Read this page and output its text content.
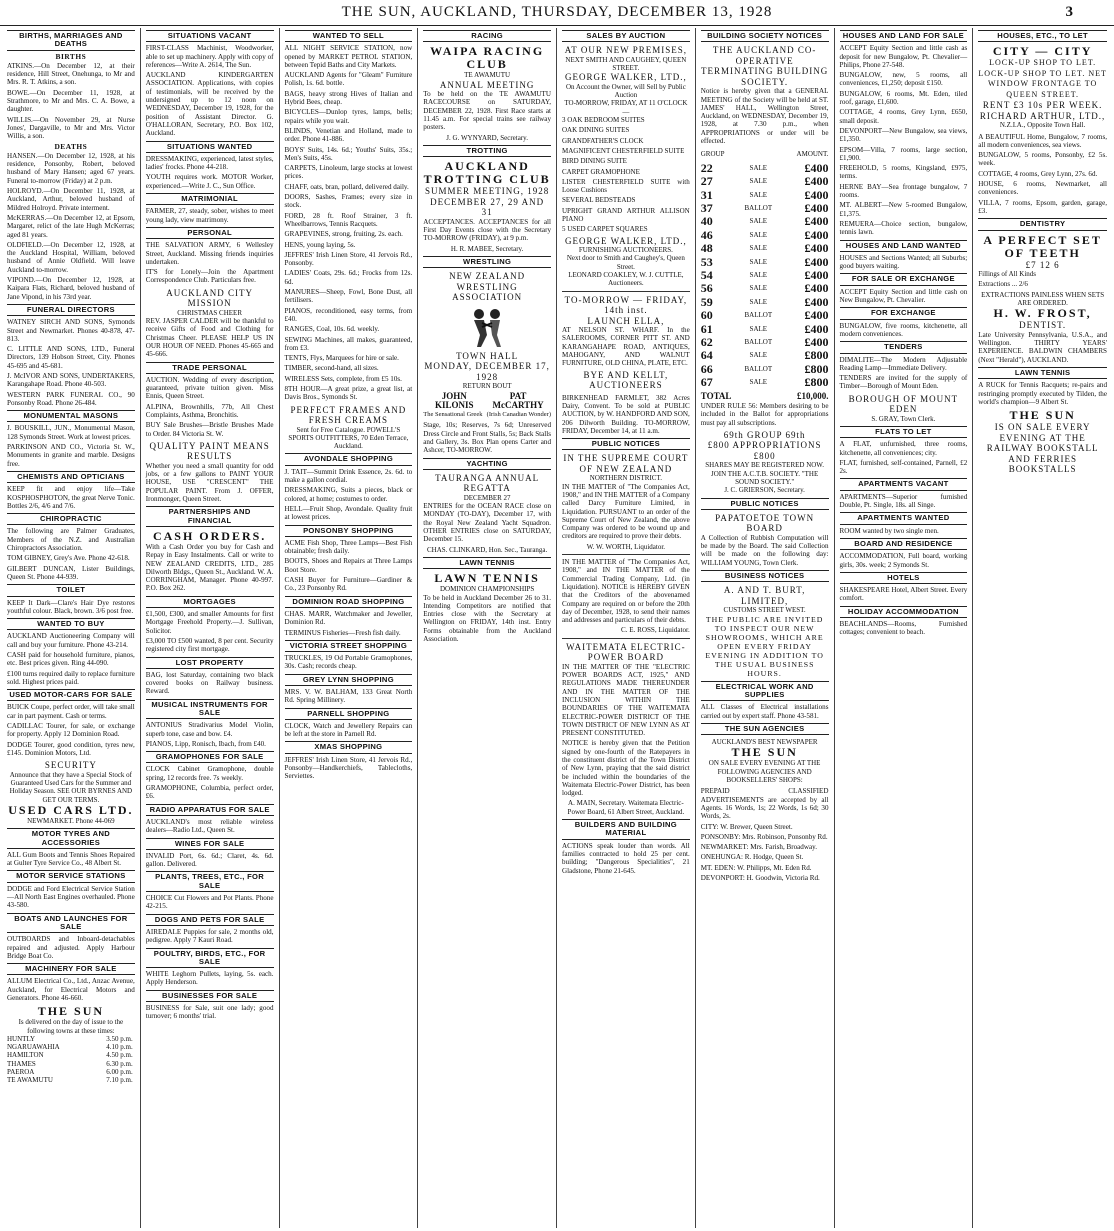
THE SUN, AUCKLAND, THURSDAY, DECEMBER 13, 1928	3
BIRTHS, MARRIAGES AND DEATHS
BIRTHS
ATKINS.—On December 12, at their residence, Hill Street, Onehunga, to Mr and Mrs. R. T. Atkins, a son.
BOWE.—On December 11, 1928, at Strathmore, to Mr and Mrs. C. A. Bowe, a daughter.
WILLIS.—On November 29, at Nurse Jones', Dargaville, to Mr and Mrs. Victor Willis, a son.
DEATHS
HANSEN.—On December 12, 1928, at his residence, Ponsonby, Robert, beloved husband of Mary Hansen; aged 67 years. Funeral to-morrow (Friday) at 2 p.m.
HOLROYD.—On December 11, 1928, at Auckland, Arthur, beloved husband of Mildred Holroyd. Private interment.
McKERRAS.—On December 12, at Epsom, Margaret, relict of the late Hugh McKerras; aged 81 years.
OLDFIELD.—On December 12, 1928, at the Auckland Hospital, William, beloved husband of Annie Oldfield. Will leave Auckland to-morrow.
VIPOND.—On December 12, 1928, at Kaipara Flats, Richard, beloved husband of Jane Vipond, in his 73rd year.
FUNERAL DIRECTORS
WATNEY SIRCH AND SONS, Symonds Street and Newmarket. Phones 40-878, 47-813.
C. LITTLE AND SONS, LTD., Funeral Directors, 139 Hobson Street, City. Phones 45-695 and 45-681.
J. McIVOR AND SONS, UNDERTAKERS, Karangahape Road. Phone 40-503.
WESTERN PARK FUNERAL CO., 90 Ponsonby Road. Phone 26-484.
MONUMENTAL MASONS
J. BOUSKILL, JUN., Monumental Mason, 128 Symonds Street. Work at lowest prices.
PARKINSON AND CO., Victoria St. W., Monuments in granite and marble. Designs free.
CHEMISTS AND OPTICIANS
KEEP fit and enjoy life—Take KOSPHOSPHOTON, the great Nerve Tonic. Bottles 2/6, 4/6 and 7/6.
CHIROPRACTIC
The following are Palmer Graduates, Members of the N.Z. and Australian Chiropractors Association.
TOM GIBNEY, Grey's Ave. Phone 42-618.
GILBERT DUNCAN, Lister Buildings, Queen St. Phone 44-939.
TOILET
KEEP It Dark—Clare's Hair Dye restores youthful colour. Black, brown. 3/6 post free.
WANTED TO BUY
AUCKLAND Auctioneering Company will call and buy your furniture. Phone 43-214.
CASH paid for household furniture, pianos, etc. Best prices given. Ring 44-090.
£100 turns required daily to replace furniture sold. Highest prices paid.
USED MOTOR-CARS FOR SALE
BUICK Coupe, perfect order, will take small car in part payment. Cash or terms.
CADILLAC Tourer, for sale, or exchange for property. Apply 12 Dominion Road.
DODGE Tourer, good condition, tyres new, £145. Dominion Motors, Ltd.
SECURITY
Announce that they have a Special Stock of Guaranteed Used Cars for the Summer and Holiday Season. SEE OUR BYRNES AND GET OUR TERMS.
USED CARS LTD.
NEWMARKET. Phone 44-069
MOTOR TYRES AND ACCESSORIES
ALL Gum Boots and Tennis Shoes Repaired at Gulter Tyre Service Co., 48 Albert St.
MOTOR SERVICE STATIONS
DODGE and Ford Electrical Service Station—All North East Engines overhauled. Phone 43-580.
BOATS AND LAUNCHES FOR SALE
OUTBOARDS and Inboard-detachables repaired and adjusted. Apply Harbour Bridge Boat Co.
MACHINERY FOR SALE
ALLUM Electrical Co., Ltd., Anzac Avenue, Auckland, for Electrical Motors and Generators. Phone 46-660.
THE SUN
Is delivered on the day of issue to the following towns at these times:
HUNTLY	3.50 p.m.
NGARUAWAHIA	4.10 p.m.
HAMILTON	4.50 p.m.
THAMES	6.30 p.m.
PAEROA	6.00 p.m.
TE AWAMUTU	7.10 p.m.
SITUATIONS VACANT
FIRST-CLASS Machinist, Woodworker, able to set up machinery. Apply with copy of references—Write A. 2614, The Sun.
AUCKLAND KINDERGARTEN ASSOCIATION. Applications, with copies of testimonials, will be received by the undersigned up to 12 noon on WEDNESDAY, December 19, 1928, for the position of Assistant Director. G. O'HALLORAN, Secretary, P.O. Box 102, Auckland.
SITUATIONS WANTED
DRESSMAKING, experienced, latest styles, ladies' frocks. Phone 44-218.
YOUTH requires work. MOTOR Worker, experienced.—Write J. C., Sun Office.
MATRIMONIAL
FARMER, 27, steady, sober, wishes to meet young lady, view matrimony.
PERSONAL
THE SALVATION ARMY, 6 Wellesley Street, Auckland. Missing friends inquiries undertaken.
IT'S for Lonely—Join the Apartment Correspondence Club. Particulars free.
AUCKLAND CITY MISSION
CHRISTMAS CHEER
REV. JASPER CALDER will be thankful to receive Gifts of Food and Clothing for Christmas Cheer. PLEASE HELP US IN OUR HOUR OF NEED. Phones 45-665 and 45-666.
TRADE PERSONAL
AUCTION. Wedding of every description, guaranteed, private tuition given. Miss Ennis, Queen Street.
ALPINA, Brownhills, 77b, All Chest Complaints, Asthma, Bronchitis.
BUY Sale Brushes—Bristle Brushes Made to Order. 84 Victoria St. W.
QUALITY PAINT MEANS RESULTS
Whether you need a small quantity for odd jobs, or a few gallons to PAINT YOUR HOUSE, USE "CRESCENT" THE POPULAR PAINT. From J. OFFER, Ironmonger, Queen Street.
PARTNERSHIPS AND FINANCIAL
CASH ORDERS.
With a Cash Order you buy for Cash and Repay in Easy Instalments. Call or write to NEW ZEALAND CREDITS, LTD., 285 Dilworth Bldgs., Queen St., Auckland. W. A. CORRINGHAM, Manager. Phone 40-997. P.O. Box 262.
MORTGAGES
£1,500, £300, and smaller Amounts for first Mortgage Freehold Property.—J. Sullivan, Solicitor.
£3,000 TO £500 wanted, 8 per cent. Security registered city first mortgage.
LOST PROPERTY
BAG, lost Saturday, containing two black covered books on Railway business. Reward.
MUSICAL INSTRUMENTS FOR SALE
ANTONIUS Stradivarius Model Violin, superb tone, case and bow. £4.
PIANOS, Lipp, Ronisch, Ibach, from £40.
GRAMOPHONES FOR SALE
CLOCK Cabinet Gramophone, double spring, 12 records free. 7s weekly.
GRAMOPHONE, Columbia, perfect order, £6.
RADIO APPARATUS FOR SALE
AUCKLAND's most reliable wireless dealers—Radio Ltd., Queen St.
WINES FOR SALE
INVALID Port, 6s. 6d.; Claret, 4s. 6d. gallon. Delivered.
PLANTS, TREES, ETC., FOR SALE
CHOICE Cut Flowers and Pot Plants. Phone 42-215.
DOGS AND PETS FOR SALE
AIREDALE Puppies for sale, 2 months old, pedigree. Apply 7 Kauri Road.
POULTRY, BIRDS, ETC., FOR SALE
WHITE Leghorn Pullets, laying, 5s. each. Apply Henderson.
BUSINESSES FOR SALE
BUSINESS for Sale, suit one lady; good turnover; 6 months' trial.
WANTED TO SELL
ALL NIGHT SERVICE STATION, now opened by MARKET PETROL STATION, between Tepid Baths and City Markets.
AUCKLAND Agents for "Gleam" Furniture Polish, 1s. 6d. bottle.
BAGS, heavy strong Hives of Italian and Hybrid Bees, cheap.
BICYCLES—Dunlop tyres, lamps, bells; repairs while you wait.
BLINDS, Venetian and Holland, made to order. Phone 41-886.
BOYS' Suits, 14s. 6d.; Youths' Suits, 35s.; Men's Suits, 45s.
CARPETS, Linoleum, large stocks at lowest prices.
CHAFF, oats, bran, pollard, delivered daily.
DOORS, Sashes, Frames; every size in stock.
FORD, 28 ft. Roof Strainer, 3 ft. Wheelbarrows, Tennis Racquets.
GRAPEVINES, strong, fruiting, 2s. each.
HENS, young laying, 5s.
JEFFRES' Irish Linen Store, 41 Jervois Rd., Ponsonby.
LADIES' Coats, 29s. 6d.; Frocks from 12s. 6d.
MANURES—Sheep, Fowl, Bone Dust, all fertilisers.
PIANOS, reconditioned, easy terms, from £40.
RANGES, Coal, 10s. 6d. weekly.
SEWING Machines, all makes, guaranteed, from £3.
TENTS, Flys, Marquees for hire or sale.
TIMBER, second-hand, all sizes.
WIRELESS Sets, complete, from £5 10s.
8TH HOUR—A great prize, a great list, at Davis Bros., Symonds St.
PERFECT FRAMES AND FRESH CREAMS
Sent for Free Catalogue. POWELL'S SPORTS OUTFITTERS, 70 Eden Terrace, Auckland.
AVONDALE SHOPPING
J. TAIT—Summit Drink Essence, 2s. 6d. to make a gallon cordial.
DRESSMAKING, Suits a pieces, black or colored, at home; costumes to order.
HELL—Fruit Shop, Avondale. Quality fruit at lowest prices.
PONSONBY SHOPPING
ACME Fish Shop, Three Lamps—Best Fish obtainable; fresh daily.
BOOTS, Shoes and Repairs at Three Lamps Boot Store.
CASH Buyer for Furniture—Gardiner & Co., 23 Ponsonby Rd.
DOMINION ROAD SHOPPING
CHAS. MARR, Watchmaker and Jeweller, Dominion Rd.
TERMINUS Fisheries—Fresh fish daily.
VICTORIA STREET SHOPPING
TRUCKLES, 19 Od Portable Gramophones, 30s. Cash; records cheap.
GREY LYNN SHOPPING
MRS. V. W. BALHAM, 133 Great North Rd. Spring Millinery.
PARNELL SHOPPING
CLOCK, Watch and Jewellery Repairs can be left at the store in Parnell Rd.
XMAS SHOPPING
JEFFRES' Irish Linen Store, 41 Jervois Rd., Ponsonby—Handkerchiefs, Tablecloths, Serviettes.
RACING
WAIPA RACING CLUB
TE AWAMUTU
ANNUAL MEETING
To be held on the TE AWAMUTU RACECOURSE on SATURDAY, DECEMBER 22, 1928. First Race starts at 11.45 a.m. For special trains see railway posters.
J. G. WYNYARD, Secretary.
TROTTING
AUCKLAND TROTTING CLUB
SUMMER MEETING, 1928
DECEMBER 27, 29 AND 31
ACCEPTANCES. ACCEPTANCES for all First Day Events close with the Secretary TO-MORROW (FRIDAY), at 9 p.m.
H. R. MABEE, Secretary.
WRESTLING
NEW ZEALAND WRESTLING ASSOCIATION
TOWN HALL
MONDAY, DECEMBER 17, 1928
RETURN BOUT
JOHN KILONIS
PAT McCARTHY
The Sensational Greek (Irish Canadian Wonder)
Stage, 10s; Reserves, 7s 6d; Unreserved Dress Circle and Front Stalls, 5s; Back Stalls and Gallery, 3s. Box Plan opens Carter and Ashcer, TO-MORROW.
YACHTING
TAURANGA ANNUAL REGATTA
DECEMBER 27
ENTRIES for the OCEAN RACE close on MONDAY (TO-DAY), December 17, with the Royal New Zealand Yacht Squadron. OTHER ENTRIES close on SATURDAY, December 15.
CHAS. CLINKARD, Hon. Sec., Tauranga.
LAWN TENNIS
LAWN TENNIS
DOMINION CHAMPIONSHIPS
To be held in Auckland December 26 to 31. Intending Competitors are notified that Entries close with the Secretary at Wellington on FRIDAY, 14th inst. Entry Forms obtainable from the Auckland Association.
SALES BY AUCTION
AT OUR NEW PREMISES,
NEXT SMITH AND CAUGHEY, QUEEN STREET.
GEORGE WALKER, LTD.,
On Account the Owner, will Sell by Public Auction
TO-MORROW, FRIDAY, AT 11 O'CLOCK—
3 OAK BEDROOM SUITES
OAK DINING SUITES
GRANDFATHER'S CLOCK
MAGNIFICENT CHESTERFIELD SUITE
BIRD DINING SUITE
CARPET GRAMOPHONE
LISTER CHESTERFIELD SUITE with Loose Cushions
SEVERAL BEDSTEADS
UPRIGHT GRAND ARTHUR ALLISON PIANO
5 USED CARPET SQUARES
GEORGE WALKER, LTD.,
FURNISHING AUCTIONEERS.
Next door to Smith and Caughey's, Queen Street.
LEONARD COAKLEY, W. J. CUTTLE, Auctioneers.
TO-MORROW — FRIDAY, 14th inst.
LAUNCH ELLA,
AT NELSON ST. WHARF. In the SALEROOMS, CORNER PITT ST. AND KARANGAHAPE ROAD, ANTIQUES, MAHOGANY, AND WALNUT FURNITURE, OLD CHINA, PLATE, ETC.
BYE AND KELLT, AUCTIONEERS
BIRKENHEAD FARMLET, 382 Acres Dairy, Convent. To be sold at PUBLIC AUCTION, by W. HANDFORD AND SON, 206 Dilworth Building. TO-MORROW, FRIDAY, December 14, at 11 a.m.
PUBLIC NOTICES
IN THE SUPREME COURT OF NEW ZEALAND
NORTHERN DISTRICT.
IN THE MATTER of "The Companies Act, 1908," and IN THE MATTER of a Company called Darcy Furniture Limited, in Liquidation. PURSUANT to an order of the Supreme Court of New Zealand, the above Company was ordered to be wound up and creditors are required to prove their debts.
W. W. WORTH, Liquidator.
IN THE MATTER of "The Companies Act, 1908," and IN THE MATTER of the Commercial Trading Company, Ltd. (in Liquidation). NOTICE is HEREBY GIVEN that the Creditors of the abovenamed Company are required on or before the 20th day of December, 1928, to send their names and addresses and particulars of their debts.
C. E. ROSS, Liquidator.
WAITEMATA ELECTRIC-POWER BOARD
IN THE MATTER OF THE "ELECTRIC POWER BOARDS ACT, 1925," AND REGULATIONS MADE THEREUNDER AND IN THE MATTER OF THE INCLUSION WITHIN THE BOUNDARIES OF THE WAITEMATA ELECTRIC-POWER DISTRICT OF THE TOWN DISTRICT OF NEW LYNN AS AT PRESENT CONSTITUTED.
NOTICE is hereby given that the Petition signed by one-fourth of the Ratepayers in the constituent district of the Town District of New Lynn, praying that the said district be included within the boundaries of the Waitemata Electric-Power District, has been lodged.
A. MAIN, Secretary. Waitemata Electric-Power Board, 61 Albert Street, Auckland.
BUILDERS AND BUILDING MATERIAL
ACTIONS speak louder than words. All families contracted to hold 25 per cent. building; "Dangerous Specialities", 21 Gladstone, Phone 21-645.
BUILDING SOCIETY NOTICES
THE AUCKLAND CO-OPERATIVE TERMINATING BUILDING SOCIETY.
Notice is hereby given that a GENERAL MEETING of the Society will be held at ST. JAMES' HALL, Wellington Street, Auckland, on WEDNESDAY, December 19, 1928, at 7.30 p.m., when APPROPRIATIONS or under will be effected.
GROUP		AMOUNT.
22	SALE	£400
27	SALE	£400
31	SALE	£400
37	BALLOT	£400
40	SALE	£400
46	SALE	£400
48	SALE	£400
53	SALE	£400
54	SALE	£400
56	SALE	£400
59	SALE	£400
60	BALLOT	£400
61	SALE	£400
62	BALLOT	£400
64	SALE	£800
66	BALLOT	£800
67	SALE	£800
TOTAL	£10,000.
UNDER RULE 56: Members desiring to be included in the Ballot for appropriations must pay all subscriptions.
69th GROUP 69th
£800 APPROPRIATIONS £800
SHARES MAY BE REGISTERED NOW. JOIN THE A.C.T.B. SOCIETY. "THE SOUND SOCIETY."
J. C. GRIERSON, Secretary.
PUBLIC NOTICES
PAPATOETOE TOWN BOARD
A Collection of Rubbish Computation will be made by the Board. The said Collection will be made on the following day: WILLIAM YOUNG, Town Clerk.
BUSINESS NOTICES
A. AND T. BURT, LIMITED,
CUSTOMS STREET WEST.
THE PUBLIC ARE INVITED TO INSPECT OUR NEW SHOWROOMS, WHICH ARE OPEN EVERY FRIDAY EVENING IN ADDITION TO THE USUAL BUSINESS HOURS.
ELECTRICAL WORK AND SUPPLIES
ALL Classes of Electrical installations carried out by expert staff. Phone 43-581.
THE SUN AGENCIES
AUCKLAND'S BEST NEWSPAPER
THE SUN
ON SALE EVERY EVENING AT THE FOLLOWING AGENCIES AND BOOKSELLERS' SHOPS:
PREPAID CLASSIFIED ADVERTISEMENTS are accepted by all Agents. 16 Words, 1s; 22 Words, 1s 6d; 30 Words, 2s.
CITY: W. Brewer, Queen Street.
PONSONBY: Mrs. Robinson, Ponsonby Rd.
NEWMARKET: Mrs. Farish, Broadway.
ONEHUNGA: R. Hodge, Queen St.
MT. EDEN: W. Philipps, Mt. Eden Rd.
DEVONPORT: H. Goodwin, Victoria Rd.
HOUSES AND LAND FOR SALE
ACCEPT Equity Section and little cash as deposit for new Bungalow, Pt. Chevalier—Philips, Phone 27-548.
BUNGALOW, new, 5 rooms, all conveniences, £1,250; deposit £150.
BUNGALOW, 6 rooms, Mt. Eden, tiled roof, garage, £1,600.
COTTAGE, 4 rooms, Grey Lynn, £650, small deposit.
DEVONPORT—New Bungalow, sea views, £1,350.
EPSOM—Villa, 7 rooms, large section, £1,900.
FREEHOLD, 5 rooms, Kingsland, £975, terms.
HERNE BAY—Sea frontage bungalow, 7 rooms.
MT. ALBERT—New 5-roomed Bungalow, £1,375.
REMUERA—Choice section, bungalow, tennis lawn.
HOUSES AND LAND WANTED
HOUSES and Sections Wanted; all Suburbs; good buyers waiting.
FOR SALE OR EXCHANGE
ACCEPT Equity Section and little cash on New Bungalow, Pt. Chevalier.
FOR EXCHANGE
BUNGALOW, five rooms, kitchenette, all modern conveniences.
TENDERS
DIMALITE—The Modern Adjustable Reading Lamp—Immediate Delivery.
TENDERS are invited for the supply of Timber—Borough of Mount Eden.
BOROUGH OF MOUNT EDEN
S. GRAY, Town Clerk.
FLATS TO LET
A FLAT, unfurnished, three rooms, kitchenette, all conveniences; city.
FLAT, furnished, self-contained, Parnell, £2 2s.
APARTMENTS VACANT
APARTMENTS—Superior furnished Double, Pt. Single, 18s. all Singe.
APARTMENTS WANTED
ROOM wanted by two single men.
BOARD AND RESIDENCE
ACCOMMODATION, Full board, working girls, 30s. week; 2 Symonds St.
HOTELS
SHAKESPEARE Hotel, Albert Street. Every comfort.
HOLIDAY ACCOMMODATION
BEACHLANDS—Rooms, Furnished cottages; convenient to beach.
HOUSES, ETC., TO LET
CITY — CITY
LOCK-UP SHOP TO LET. LOCK-UP SHOP TO LET. NET WINDOW FRONTAGE TO QUEEN STREET.
RENT £3 10s PER WEEK.
RICHARD ARTHUR, LTD.,
N.Z.I.A., Opposite Town Hall.
A BEAUTIFUL Home, Bungalow, 7 rooms, all modern conveniences, sea views.
BUNGALOW, 5 rooms, Ponsonby, £2 5s. week.
COTTAGE, 4 rooms, Grey Lynn, 27s. 6d.
HOUSE, 6 rooms, Newmarket, all conveniences.
VILLA, 7 rooms, Epsom, garden, garage, £3.
DENTISTRY
A PERFECT SET OF TEETH
£7 12 6
Fillings of All Kinds
Extractions ... 2/6
EXTRACTIONS PAINLESS WHEN SETS ARE ORDERED.
H. W. FROST,
DENTIST.
Late University Pennsylvania, U.S.A., and Wellington. THIRTY YEARS' EXPERIENCE. BALDWIN CHAMBERS (Next "Herald"), AUCKLAND.
LAWN TENNIS
A RUCK for Tennis Racquets; re-pairs and restringing promptly executed by Tilden, the world's champion—9 Albert St.
THE SUN
IS ON SALE EVERY EVENING AT THE RAILWAY BOOKSTALL AND FERRIES BOOKSTALLS
